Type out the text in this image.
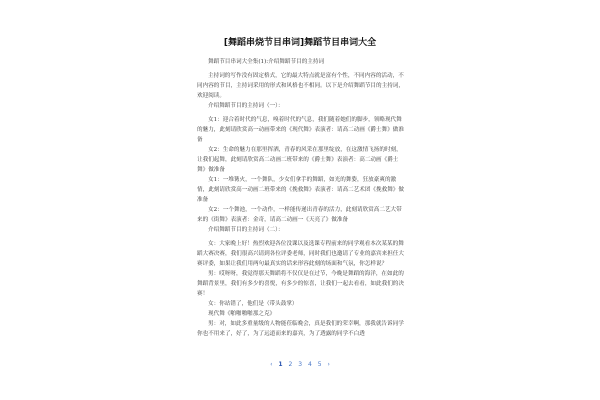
[舞蹈串烧节目串词]舞蹈节目串词大全

舞蹈节目串词大全集(1):介绍舞蹈节目的主持词

主持词的写作没有固定格式，它的最大特点就是富有个性，不同内容的活动，不同内容的节目，主持词采用的形式和风格也不相同。以下是介绍舞蹈节目的主持词，欢迎阅读。

介绍舞蹈节目的主持词（一）：

女1：迎合着时代的气息，嗅着时代的气息，我们随着她们的脚步，领略现代舞的魅力，此刻请欣赏高一动画带来的《现代舞》表演者：请高二动画《爵士舞》做准备

女2：生命的魅力在那里挥洒，青春的风采在那里绽放，在这激情飞扬的时刻，让我们起舞，此刻请欣赏高二动画二班带来的《爵士舞》表演者：高二动画《爵士舞》做准备

女1：一堆篝火，一个舞队，少女们拿手的舞蹈，如光的舞姿，狂放豪爽的激情，此刻请欣赏高一动画二班带来的《挽救舞》表演者：请高二艺术团《挽救舞》做准备

女2：一个舞池，一个动作，一样能传递出青春的活力，此刻请欣赏高二艺大带来的《街舞》表演者：金奇，请高二动画一《天亮了》做准备

介绍舞蹈节目的主持词（二）：

女：大家晚上好！热烈欢迎各位没课以及选课专程前来的同学观看本次某某的舞蹈大赛决赛，我们很高兴请到各位评委老师，同时我们也邀请了专业的嘉宾来担任大赛评委，如果让我们用两句最真实的话来形容此刻的场面和气氛，你怎样说？

男：哎呀呀，我觉得那天舞蹈将不仅仅是在过节，今晚是舞蹈的海洋，在如此的舞蹈背景里，我们有多少的喜悦，有多少的惊喜，让我们一起去看看，如此我们的决赛！

女：你站错了，他们是（带头鼓掌）

现代舞《啪啪啪啪那之克》

男：对，如此多重量级的人物能莅临晚会，真是我们的荣幸啊，那我就告诉同学你也不用来了，好了，为了远道而来的嘉宾，为了透露的同学不白透

‹ 1 2 3 4 5 ›
